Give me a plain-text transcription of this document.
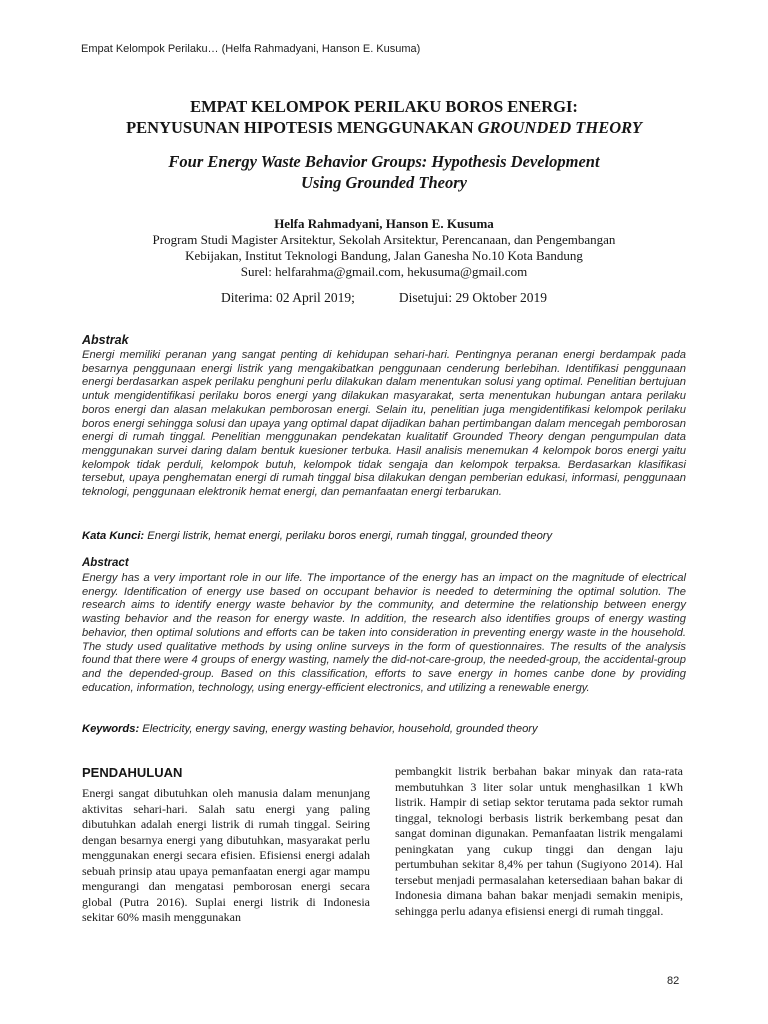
Empat Kelompok Perilaku… (Helfa Rahmadyani, Hanson E. Kusuma)
EMPAT KELOMPOK PERILAKU BOROS ENERGI:
PENYUSUNAN HIPOTESIS MENGGUNAKAN GROUNDED THEORY
Four Energy Waste Behavior Groups: Hypothesis Development
Using Grounded Theory
Helfa Rahmadyani, Hanson E. Kusuma
Program Studi Magister Arsitektur, Sekolah Arsitektur, Perencanaan, dan Pengembangan
Kebijakan, Institut Teknologi Bandung, Jalan Ganesha No.10 Kota Bandung
Surel: helfarahma@gmail.com, hekusuma@gmail.com
Diterima: 02 April 2019;	Disetujui: 29 Oktober 2019
Abstrak
Energi memiliki peranan yang sangat penting di kehidupan sehari-hari. Pentingnya peranan energi berdampak pada besarnya penggunaan energi listrik yang mengakibatkan penggunaan cenderung berlebihan. Identifikasi penggunaan energi berdasarkan aspek perilaku penghuni perlu dilakukan dalam menentukan solusi yang optimal. Penelitian bertujuan untuk mengidentifikasi perilaku boros energi yang dilakukan masyarakat, serta menentukan hubungan antara perilaku boros energi dan alasan melakukan pemborosan energi. Selain itu, penelitian juga mengidentifikasi kelompok perilaku boros energi sehingga solusi dan upaya yang optimal dapat dijadikan bahan pertimbangan dalam mencegah pemborosan energi di rumah tinggal. Penelitian menggunakan pendekatan kualitatif Grounded Theory dengan pengumpulan data menggunakan survei daring dalam bentuk kuesioner terbuka. Hasil analisis menemukan 4 kelompok boros energi yaitu kelompok tidak perduli, kelompok butuh, kelompok tidak sengaja dan kelompok terpaksa. Berdasarkan klasifikasi tersebut, upaya penghematan energi di rumah tinggal bisa dilakukan dengan pemberian edukasi, informasi, penggunaan teknologi, penggunaan elektronik hemat energi, dan pemanfaatan energi terbarukan.
Kata Kunci: Energi listrik, hemat energi, perilaku boros energi, rumah tinggal, grounded theory
Abstract
Energy has a very important role in our life. The importance of the energy has an impact on the magnitude of electrical energy. Identification of energy use based on occupant behavior is needed to determining the optimal solution. The research aims to identify energy waste behavior by the community, and determine the relationship between energy wasting behavior and the reason for energy waste. In addition, the research also identifies groups of energy wasting behavior, then optimal solutions and efforts can be taken into consideration in preventing energy waste in the household. The study used qualitative methods by using online surveys in the form of questionnaires. The results of the analysis found that there were 4 groups of energy wasting, namely the did-not-care-group, the needed-group, the accidental-group and the depended-group. Based on this classification, efforts to save energy in homes canbe done by providing education, information, technology, using energy-efficient electronics, and utilizing a renewable energy.
Keywords: Electricity, energy saving, energy wasting behavior, household, grounded theory
PENDAHULUAN
Energi sangat dibutuhkan oleh manusia dalam menunjang aktivitas sehari-hari. Salah satu energi yang paling dibutuhkan adalah energi listrik di rumah tinggal. Seiring dengan besarnya energi yang dibutuhkan, masyarakat perlu menggunakan energi secara efisien. Efisiensi energi adalah sebuah prinsip atau upaya pemanfaatan energi agar mampu mengurangi dan mengatasi pemborosan energi secara global (Putra 2016). Suplai energi listrik di Indonesia sekitar 60% masih menggunakan
pembangkit listrik berbahan bakar minyak dan rata-rata membutuhkan 3 liter solar untuk menghasilkan 1 kWh listrik. Hampir di setiap sektor terutama pada sektor rumah tinggal, teknologi berbasis listrik berkembang pesat dan sangat dominan digunakan. Pemanfaatan listrik mengalami peningkatan yang cukup tinggi dan dengan laju pertumbuhan sekitar 8,4% per tahun (Sugiyono 2014). Hal tersebut menjadi permasalahan ketersediaan bahan bakar di Indonesia dimana bahan bakar menjadi semakin menipis, sehingga perlu adanya efisiensi energi di rumah tinggal.
82
